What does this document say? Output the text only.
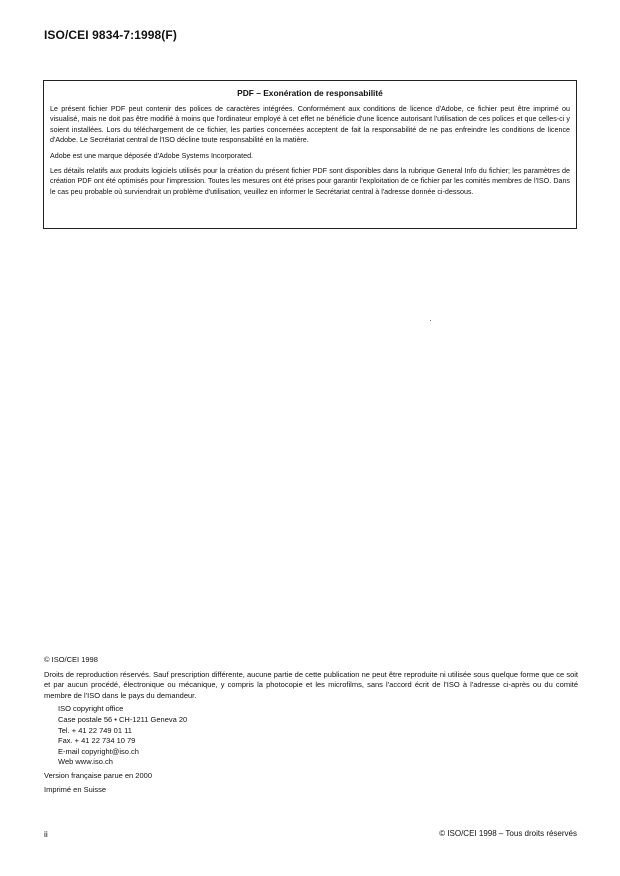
ISO/CEI 9834-7:1998(F)
PDF – Exonération de responsabilité

Le présent fichier PDF peut contenir des polices de caractères intégrées. Conformément aux conditions de licence d'Adobe, ce fichier peut être imprimé ou visualisé, mais ne doit pas être modifié à moins que l'ordinateur employé à cet effet ne bénéficie d'une licence autorisant l'utilisation de ces polices et que celles-ci y soient installées. Lors du téléchargement de ce fichier, les parties concernées acceptent de fait la responsabilité de ne pas enfreindre les conditions de licence d'Adobe. Le Secrétariat central de l'ISO décline toute responsabilité en la matière.

Adobe est une marque déposée d'Adobe Systems Incorporated.

Les détails relatifs aux produits logiciels utilisés pour la création du présent fichier PDF sont disponibles dans la rubrique General Info du fichier; les paramètres de création PDF ont été optimisés pour l'impression. Toutes les mesures ont été prises pour garantir l'exploitation de ce fichier par les comités membres de l'ISO. Dans le cas peu probable où surviendrait un problème d'utilisation, veuillez en informer le Secrétariat central à l'adresse donnée ci-dessous.

© ISO/CEI 1998

Droits de reproduction réservés. Sauf prescription différente, aucune partie de cette publication ne peut être reproduite ni utilisée sous quelque forme que ce soit et par aucun procédé, électronique ou mécanique, y compris la photocopie et les microfilms, sans l'accord écrit de l'ISO à l'adresse ci-après ou du comité membre de l'ISO dans le pays du demandeur.

ISO copyright office
Case postale 56 • CH-1211 Geneva 20
Tel. + 41 22 749 01 11
Fax. + 41 22 734 10 79
E-mail copyright@iso.ch
Web www.iso.ch

Version française parue en 2000

Imprimé en Suisse

ii	© ISO/CEI 1998 – Tous droits réservés
